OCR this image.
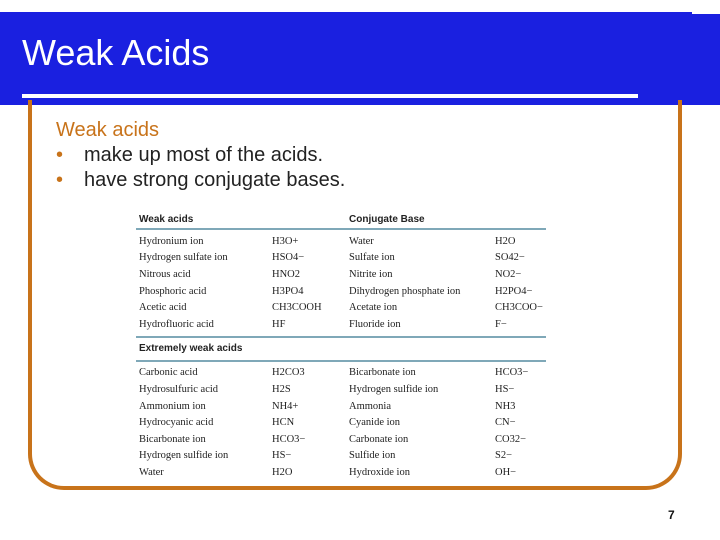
Weak Acids
Weak acids
•	make up most of the acids.
•	have strong conjugate bases.
Weak acids	Conjugate Base
Hydronium ion	H3O+	Water	H2O
Hydrogen sulfate ion	HSO4−	Sulfate ion	SO42−
Nitrous acid	HNO2	Nitrite ion	NO2−
Phosphoric acid	H3PO4	Dihydrogen phosphate ion	H2PO4−
Acetic acid	CH3COOH	Acetate ion	CH3COO−
Hydrofluoric acid	HF	Fluoride ion	F−
Extremely weak acids
Carbonic acid	H2CO3	Bicarbonate ion	HCO3−
Hydrosulfuric acid	H2S	Hydrogen sulfide ion	HS−
Ammonium ion	NH4+	Ammonia	NH3
Hydrocyanic acid	HCN	Cyanide ion	CN−
Bicarbonate ion	HCO3−	Carbonate ion	CO32−
Hydrogen sulfide ion	HS−	Sulfide ion	S2−
Water	H2O	Hydroxide ion	OH−
7
